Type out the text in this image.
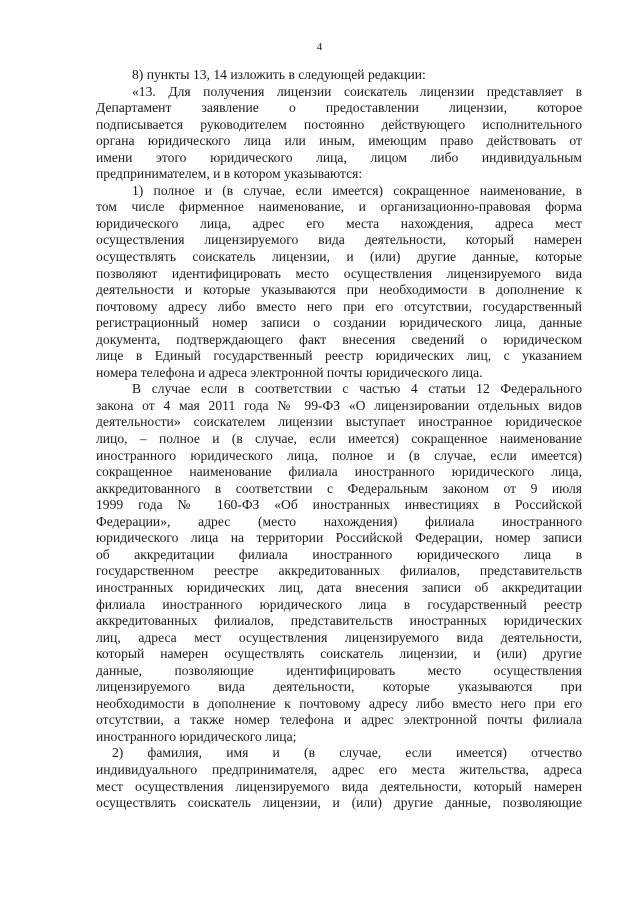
4
8) пункты 13, 14 изложить в следующей редакции:
«13. Для получения лицензии соискатель лицензии представляет в
Департамент заявление о предоставлении лицензии, которое
подписывается руководителем постоянно действующего исполнительного
органа юридического лица или иным, имеющим право действовать от
имени этого юридического лица, лицом либо индивидуальным
предпринимателем, и в котором указываются:
1) полное и (в случае, если имеется) сокращенное наименование, в
том числе фирменное наименование, и организационно-правовая форма
юридического лица, адрес его места нахождения, адреса мест
осуществления лицензируемого вида деятельности, который намерен
осуществлять соискатель лицензии, и (или) другие данные, которые
позволяют идентифицировать место осуществления лицензируемого вида
деятельности и которые указываются при необходимости в дополнение к
почтовому адресу либо вместо него при его отсутствии, государственный
регистрационный номер записи о создании юридического лица, данные
документа, подтверждающего факт внесения сведений о юридическом
лице в Единый государственный реестр юридических лиц, с указанием
номера телефона и адреса электронной почты юридического лица.
В случае если в соответствии с частью 4 статьи 12 Федерального
закона от 4 мая 2011 года № 99-ФЗ «О лицензировании отдельных видов
деятельности» соискателем лицензии выступает иностранное юридическое
лицо, – полное и (в случае, если имеется) сокращенное наименование
иностранного юридического лица, полное и (в случае, если имеется)
сокращенное наименование филиала иностранного юридического лица,
аккредитованного в соответствии с Федеральным законом от 9 июля
1999 года № 160-ФЗ «Об иностранных инвестициях в Российской
Федерации», адрес (место нахождения) филиала иностранного
юридического лица на территории Российской Федерации, номер записи
об аккредитации филиала иностранного юридического лица в
государственном реестре аккредитованных филиалов, представительств
иностранных юридических лиц, дата внесения записи об аккредитации
филиала иностранного юридического лица в государственный реестр
аккредитованных филиалов, представительств иностранных юридических
лиц, адреса мест осуществления лицензируемого вида деятельности,
который намерен осуществлять соискатель лицензии, и (или) другие
данные, позволяющие идентифицировать место осуществления
лицензируемого вида деятельности, которые указываются при
необходимости в дополнение к почтовому адресу либо вместо него при его
отсутствии, а также номер телефона и адрес электронной почты филиала
иностранного юридического лица;
2) фамилия, имя и (в случае, если имеется) отчество
индивидуального предпринимателя, адрес его места жительства, адреса
мест осуществления лицензируемого вида деятельности, который намерен
осуществлять соискатель лицензии, и (или) другие данные, позволяющие
